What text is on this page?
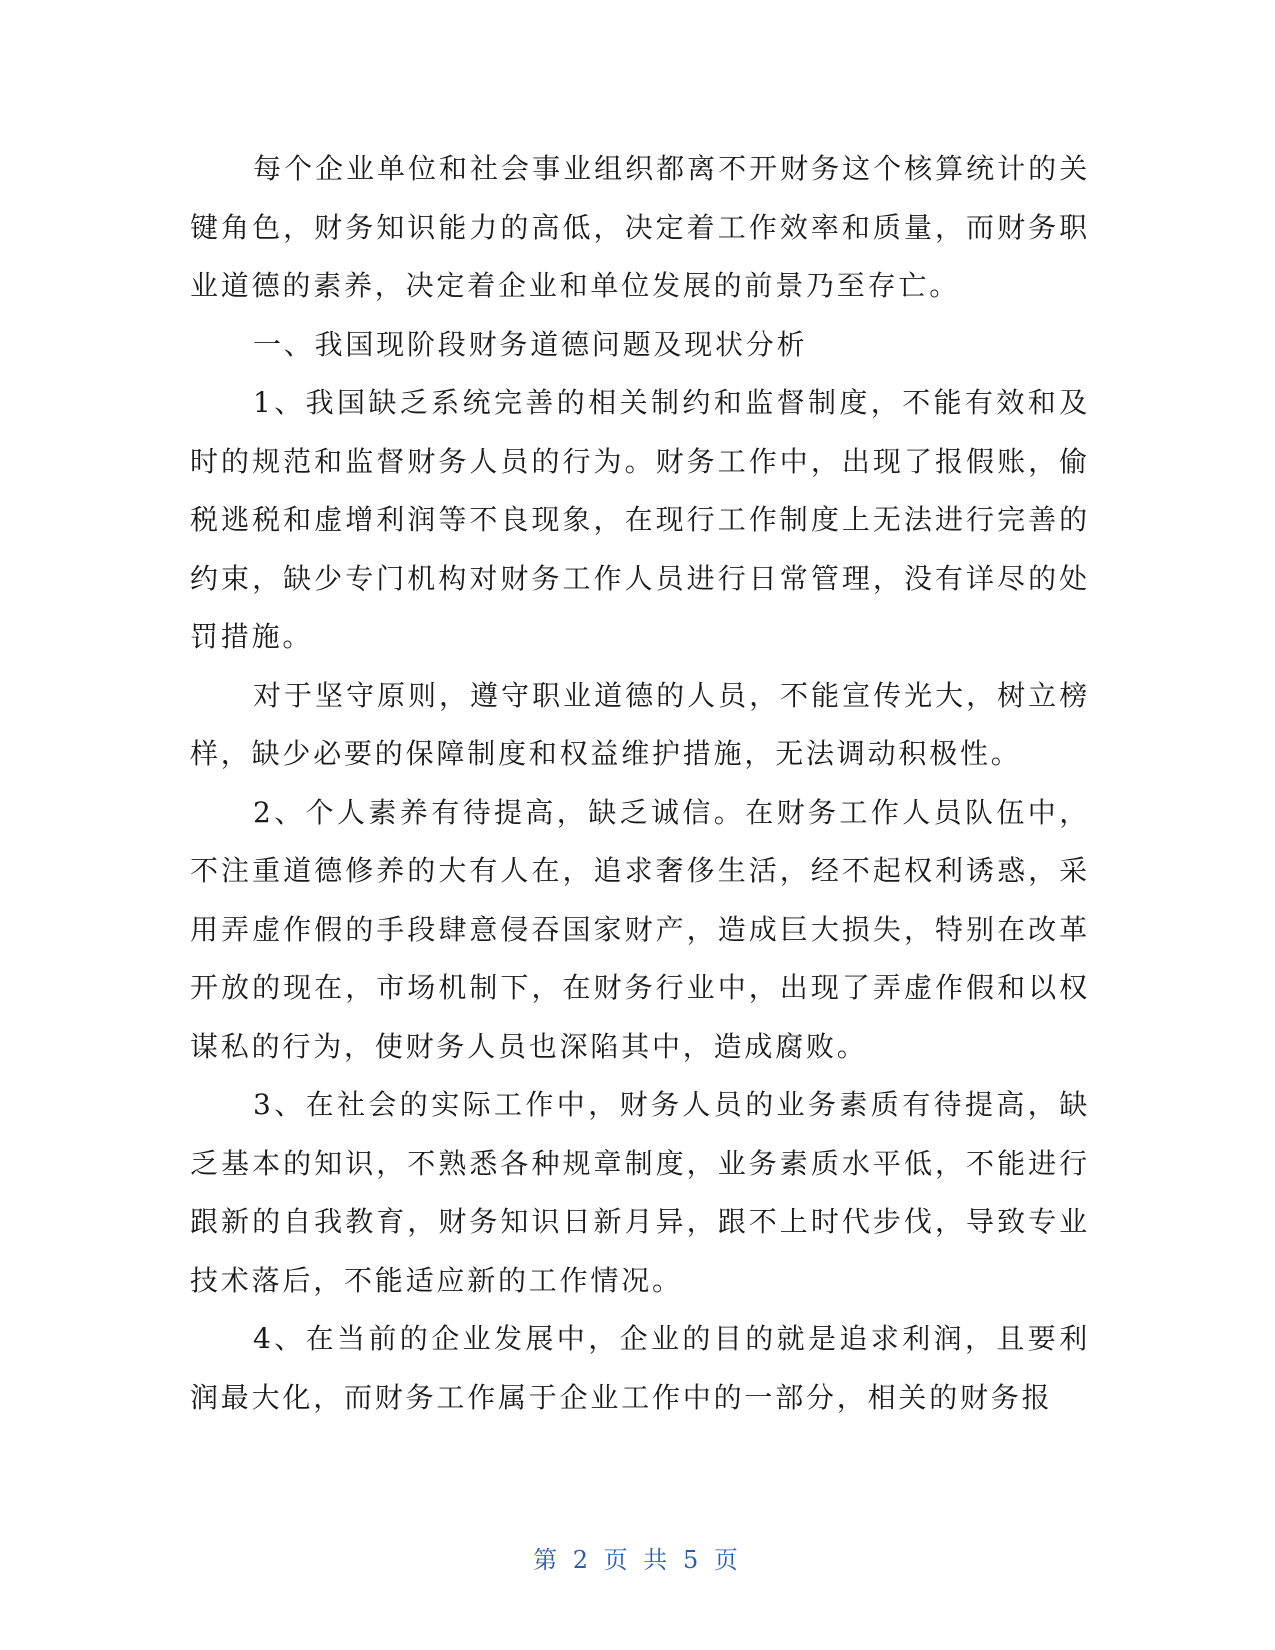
每个企业单位和社会事业组织都离不开财务这个核算统计的关键角色，财务知识能力的高低，决定着工作效率和质量，而财务职业道德的素养，决定着企业和单位发展的前景乃至存亡。

一、我国现阶段财务道德问题及现状分析

1、我国缺乏系统完善的相关制约和监督制度，不能有效和及时的规范和监督财务人员的行为。财务工作中，出现了报假账，偷税逃税和虚增利润等不良现象，在现行工作制度上无法进行完善的约束，缺少专门机构对财务工作人员进行日常管理，没有详尽的处罚措施。

对于坚守原则，遵守职业道德的人员，不能宣传光大，树立榜样，缺少必要的保障制度和权益维护措施，无法调动积极性。

2、个人素养有待提高，缺乏诚信。在财务工作人员队伍中，不注重道德修养的大有人在，追求奢侈生活，经不起权利诱惑，采用弄虚作假的手段肆意侵吞国家财产，造成巨大损失，特别在改革开放的现在，市场机制下，在财务行业中，出现了弄虚作假和以权谋私的行为，使财务人员也深陷其中，造成腐败。

3、在社会的实际工作中，财务人员的业务素质有待提高，缺乏基本的知识，不熟悉各种规章制度，业务素质水平低，不能进行跟新的自我教育，财务知识日新月异，跟不上时代步伐，导致专业技术落后，不能适应新的工作情况。

4、在当前的企业发展中，企业的目的就是追求利润，且要利润最大化，而财务工作属于企业工作中的一部分，相关的财务报

第 2 页 共 5 页
